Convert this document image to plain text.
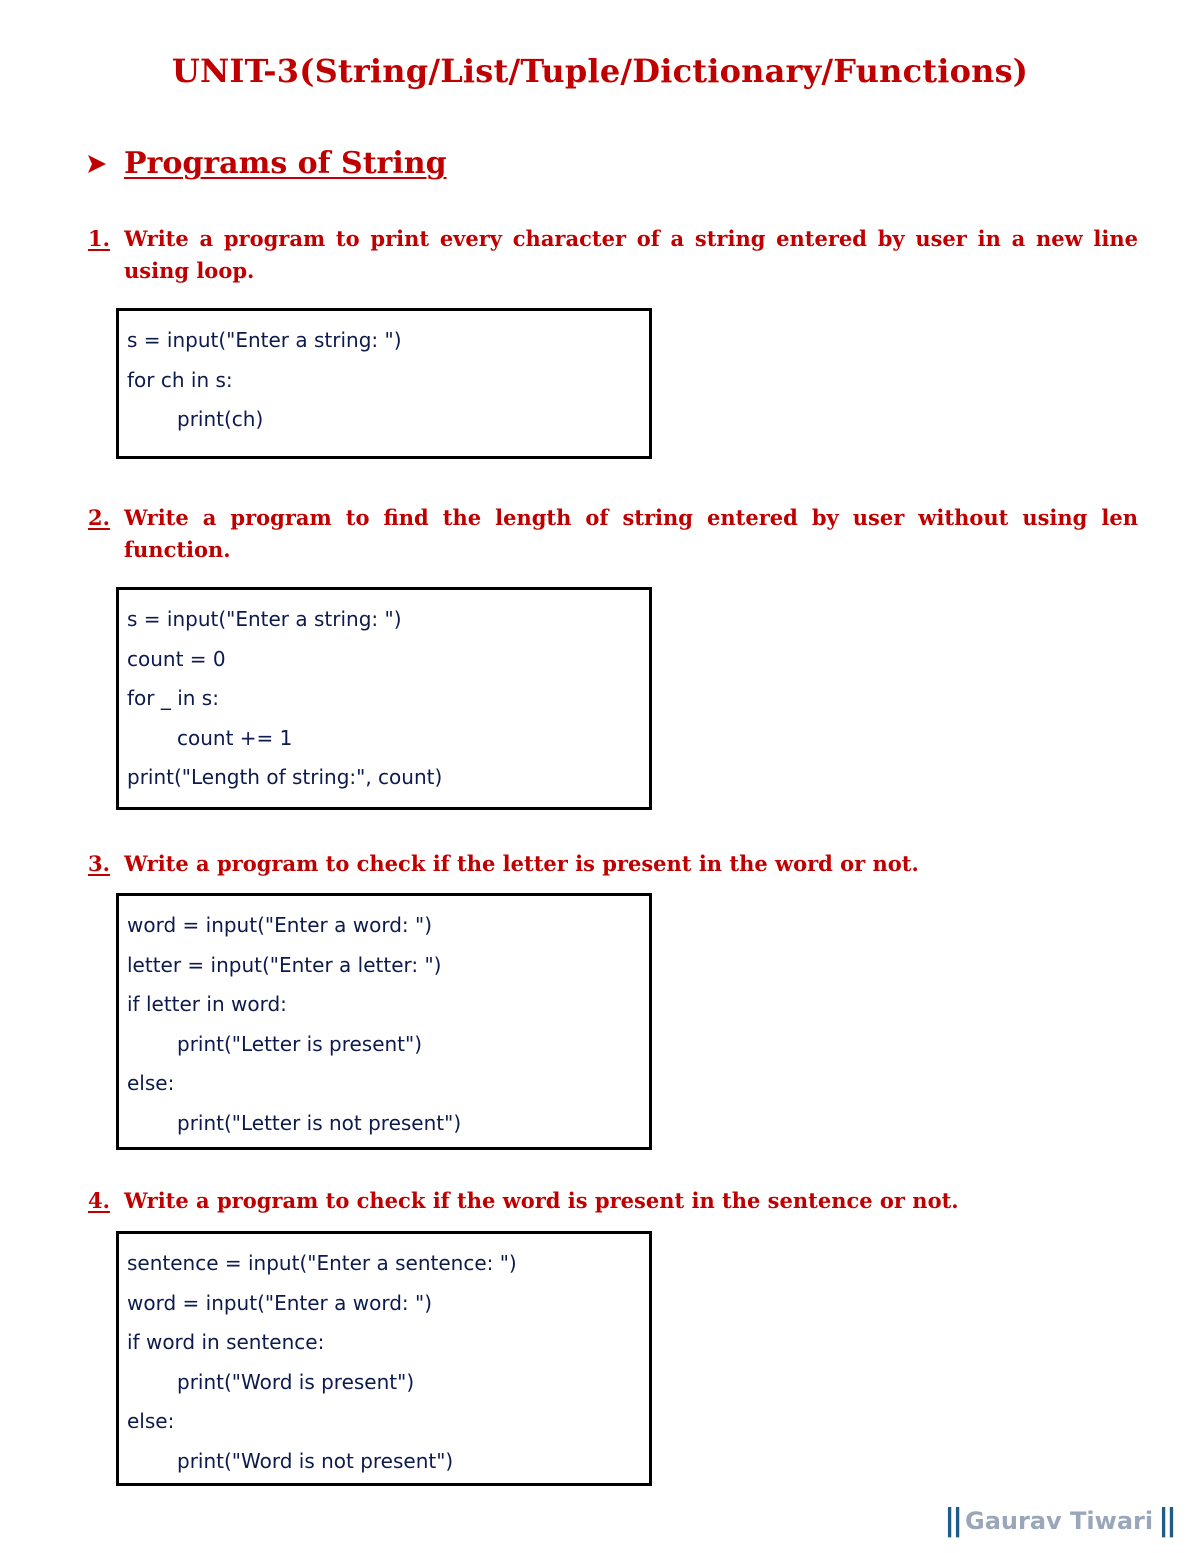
UNIT-3(String/List/Tuple/Dictionary/Functions)
Programs of String
1. Write a program to print every character of a string entered by user in a new line using loop.
s = input("Enter a string: ")
for ch in s:
print(ch)
2. Write a program to find the length of string entered by user without using len function.
s = input("Enter a string: ")
count = 0
for _ in s:
count += 1
print("Length of string:", count)
3. Write a program to check if the letter is present in the word or not.
word = input("Enter a word: ")
letter = input("Enter a letter: ")
if letter in word:
print("Letter is present")
else:
print("Letter is not present")
4. Write a program to check if the word is present in the sentence or not.
sentence = input("Enter a sentence: ")
word = input("Enter a word: ")
if word in sentence:
print("Word is present")
else:
print("Word is not present")
|| Gaurav Tiwari ||
